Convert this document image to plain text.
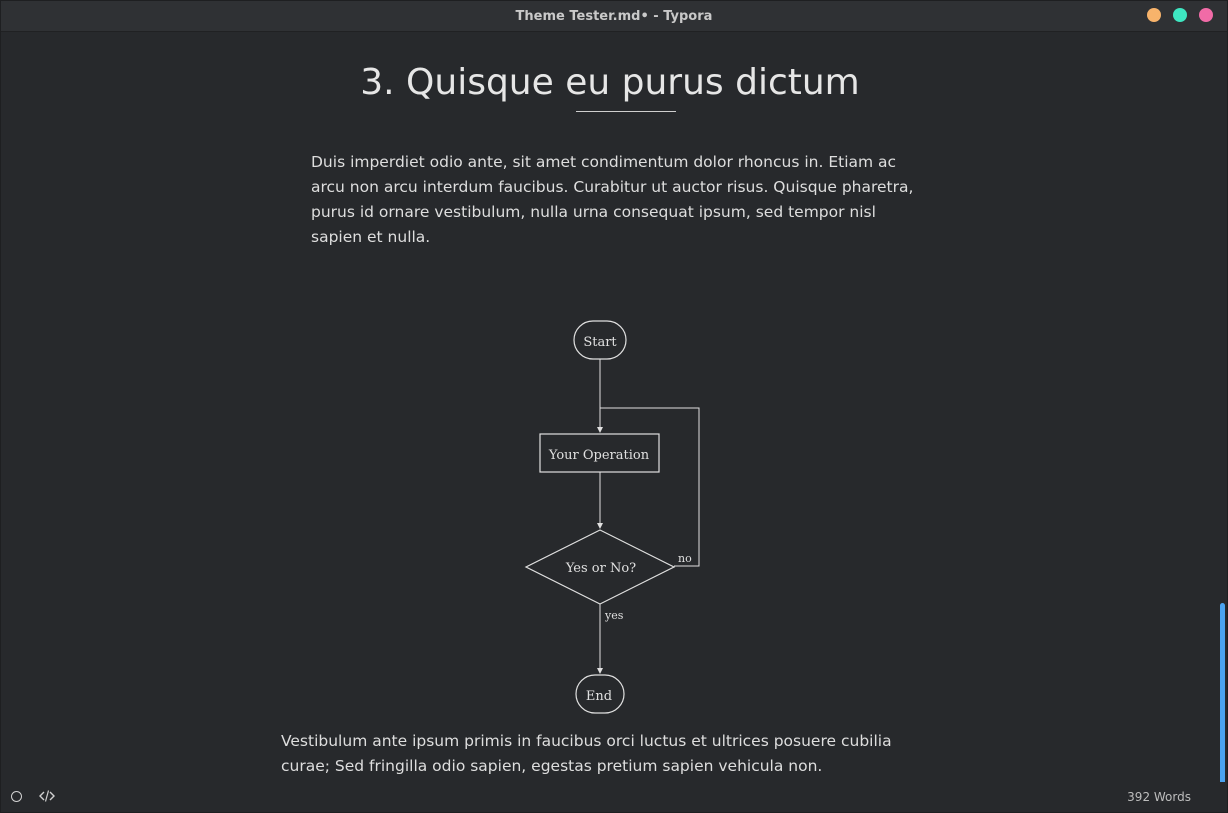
Theme Tester.md• - Typora
3. Quisque eu purus dictum

Duis imperdiet odio ante, sit amet condimentum dolor rhoncus in. Etiam ac arcu non arcu interdum faucibus. Curabitur ut auctor risus. Quisque pharetra, purus id ornare vestibulum, nulla urna consequat ipsum, sed tempor nisl sapien et nulla.

Start
Your Operation
Yes or No?
no
yes
End

Vestibulum ante ipsum primis in faucibus orci luctus et ultrices posuere cubilia curae; Sed fringilla odio sapien, egestas pretium sapien vehicula non.

392 Words
